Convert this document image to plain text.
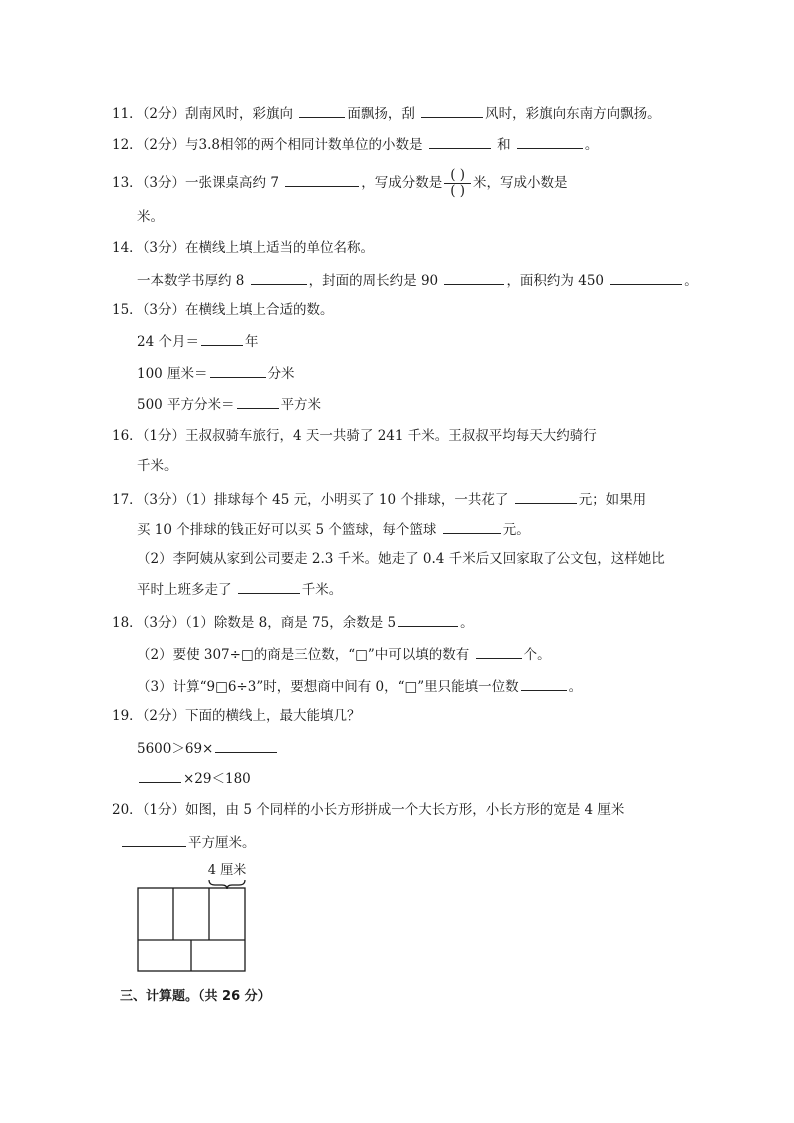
11．（2分）刮南风时，彩旗向	面飘扬，刮	风时，彩旗向东南方向飘扬。
12．（2分）与3.8相邻的两个相同计数单位的小数是	和	。
13．（3分）一张课桌高约 7	，写成分数是 $\frac{( )}{( )}$ 米，写成小数是
米。
14．（3分）在横线上填上适当的单位名称。
一本数学书厚约 8	，封面的周长约是 90	，面积约为 450	。
15．（3分）在横线上填上合适的数。
24 个月＝	年
100 厘米＝	分米
500 平方分米＝	平方米
16．（1分）王叔叔骑车旅行，4 天一共骑了 241 千米。王叔叔平均每天大约骑行
千米。
17．（3分）（1）排球每个 45 元，小明买了 10 个排球，一共花了	元；如果用
买 10 个排球的钱正好可以买 5 个篮球，每个篮球	元。
（2）李阿姨从家到公司要走 2.3 千米。她走了 0.4 千米后又回家取了公文包，这样她比
平时上班多走了	千米。
18．（3分）（1）除数是 8，商是 75，余数是 5	。
（2）要使 307÷□的商是三位数，“□”中可以填的数有	个。
（3）计算“9□6÷3”时，要想商中间有 0，“□”里只能填一位数	。
19．（2分）下面的横线上，最大能填几？
5600＞69×
×29＜180
20．（1分）如图，由 5 个同样的小长方形拼成一个大长方形，小长方形的宽是 4 厘米
平方厘米。
4 厘米
三、计算题。（共 26 分）
